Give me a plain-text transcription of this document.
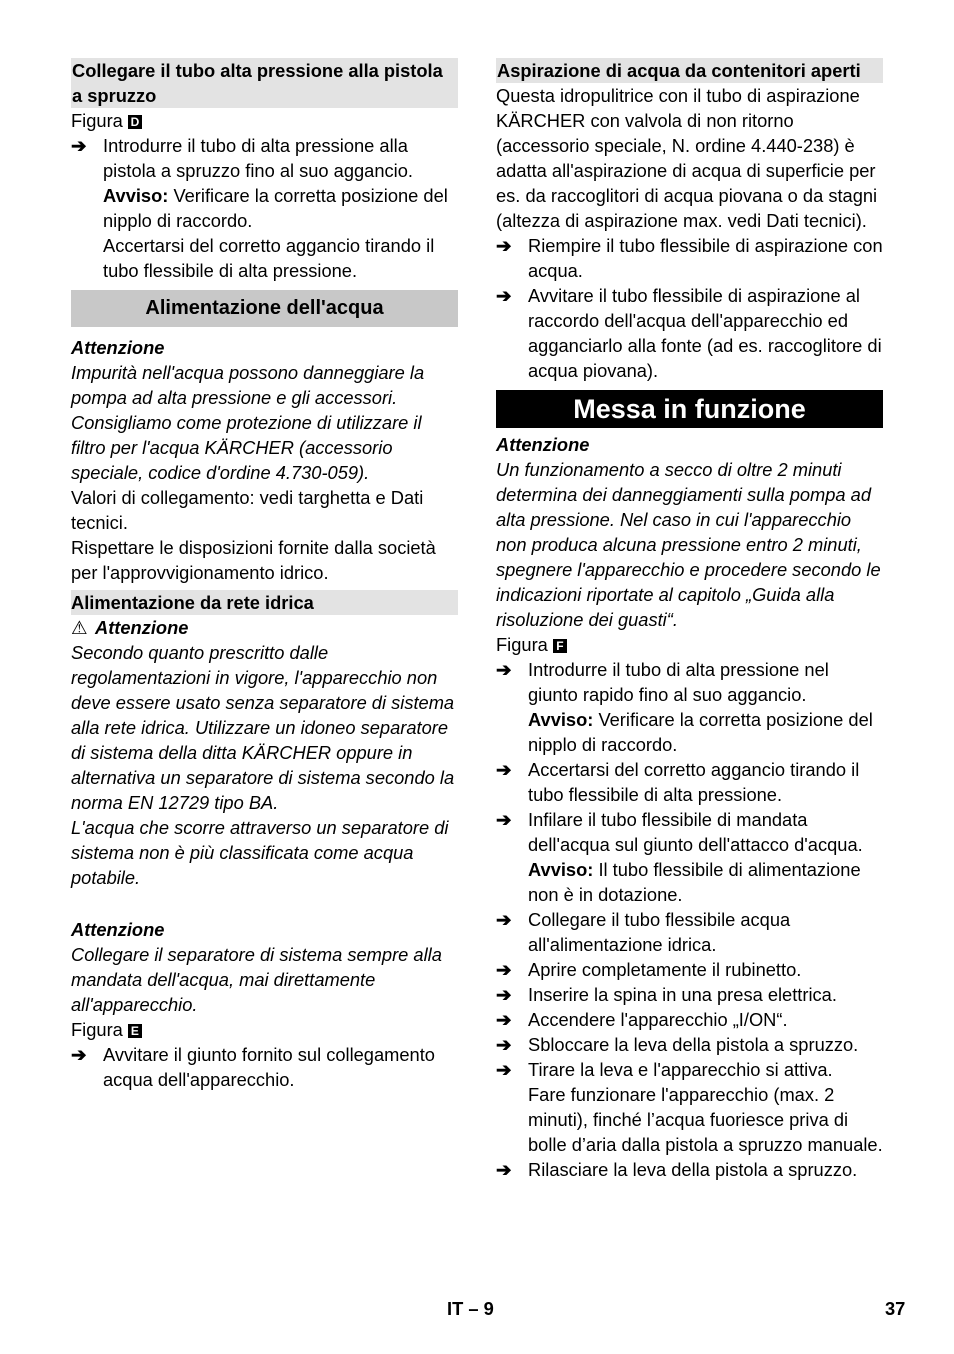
Collegare il tubo alta pressione alla pistola a spruzzo

Figura D

➔ Introdurre il tubo di alta pressione alla pistola a spruzzo fino al suo aggancio.

Avviso: Verificare la corretta posizione del nipplo di raccordo.

Accertarsi del corretto aggancio tirando il tubo flessibile di alta pressione.

Alimentazione dell'acqua

Attenzione

Impurità nell'acqua possono danneggiare la pompa ad alta pressione e gli accessori. Consigliamo come protezione di utilizzare il filtro per l'acqua KÄRCHER (accessorio speciale, codice d'ordine 4.730-059).

Valori di collegamento: vedi targhetta e Dati tecnici.

Rispettare le disposizioni fornite dalla società per l'approvvigionamento idrico.

Alimentazione da rete idrica

⚠ Attenzione

Secondo quanto prescritto dalle regolamentazioni in vigore, l'apparecchio non deve essere usato senza separatore di sistema alla rete idrica. Utilizzare un idoneo separatore di sistema della ditta KÄRCHER oppure in alternativa un separatore di sistema secondo la norma EN 12729 tipo BA.

L'acqua che scorre attraverso un separatore di sistema non è più classificata come acqua potabile.

Attenzione

Collegare il separatore di sistema sempre alla mandata dell'acqua, mai direttamente all'apparecchio.

Figura E

➔ Avvitare il giunto fornito sul collegamento acqua dell'apparecchio.

Aspirazione di acqua da contenitori aperti

Questa idropulitrice con il tubo di aspirazione KÄRCHER con valvola di non ritorno (accessorio speciale, N. ordine 4.440-238) è adatta all'aspirazione di acqua di superficie per es. da raccoglitori di acqua piovana o da stagni (altezza di aspirazione max. vedi Dati tecnici).

➔ Riempire il tubo flessibile di aspirazione con acqua.

➔ Avvitare il tubo flessibile di aspirazione al raccordo dell'acqua dell'apparecchio ed agganciarlo alla fonte (ad es. raccoglitore di acqua piovana).

Messa in funzione

Attenzione

Un funzionamento a secco di oltre 2 minuti determina dei danneggiamenti sulla pompa ad alta pressione. Nel caso in cui l'apparecchio non produca alcuna pressione entro 2 minuti, spegnere l'apparecchio e procedere secondo le indicazioni riportate al capitolo „Guida alla risoluzione dei guasti“.

Figura F

➔ Introdurre il tubo di alta pressione nel giunto rapido fino al suo aggancio.

Avviso: Verificare la corretta posizione del nipplo di raccordo.

➔ Accertarsi del corretto aggancio tirando il tubo flessibile di alta pressione.

➔ Infilare il tubo flessibile di mandata dell'acqua sul giunto dell'attacco d'acqua.

Avviso: Il tubo flessibile di alimentazione non è in dotazione.

➔ Collegare il tubo flessibile acqua all'alimentazione idrica.

➔ Aprire completamente il rubinetto.

➔ Inserire la spina in una presa elettrica.

➔ Accendere l'apparecchio „I/ON“.

➔ Sbloccare la leva della pistola a spruzzo.

➔ Tirare la leva e l'apparecchio si attiva.

Fare funzionare l'apparecchio (max. 2 minuti), finché l’acqua fuoriesce priva di bolle d’aria dalla pistola a spruzzo manuale.

➔ Rilasciare la leva della pistola a spruzzo.

IT – 9	37
